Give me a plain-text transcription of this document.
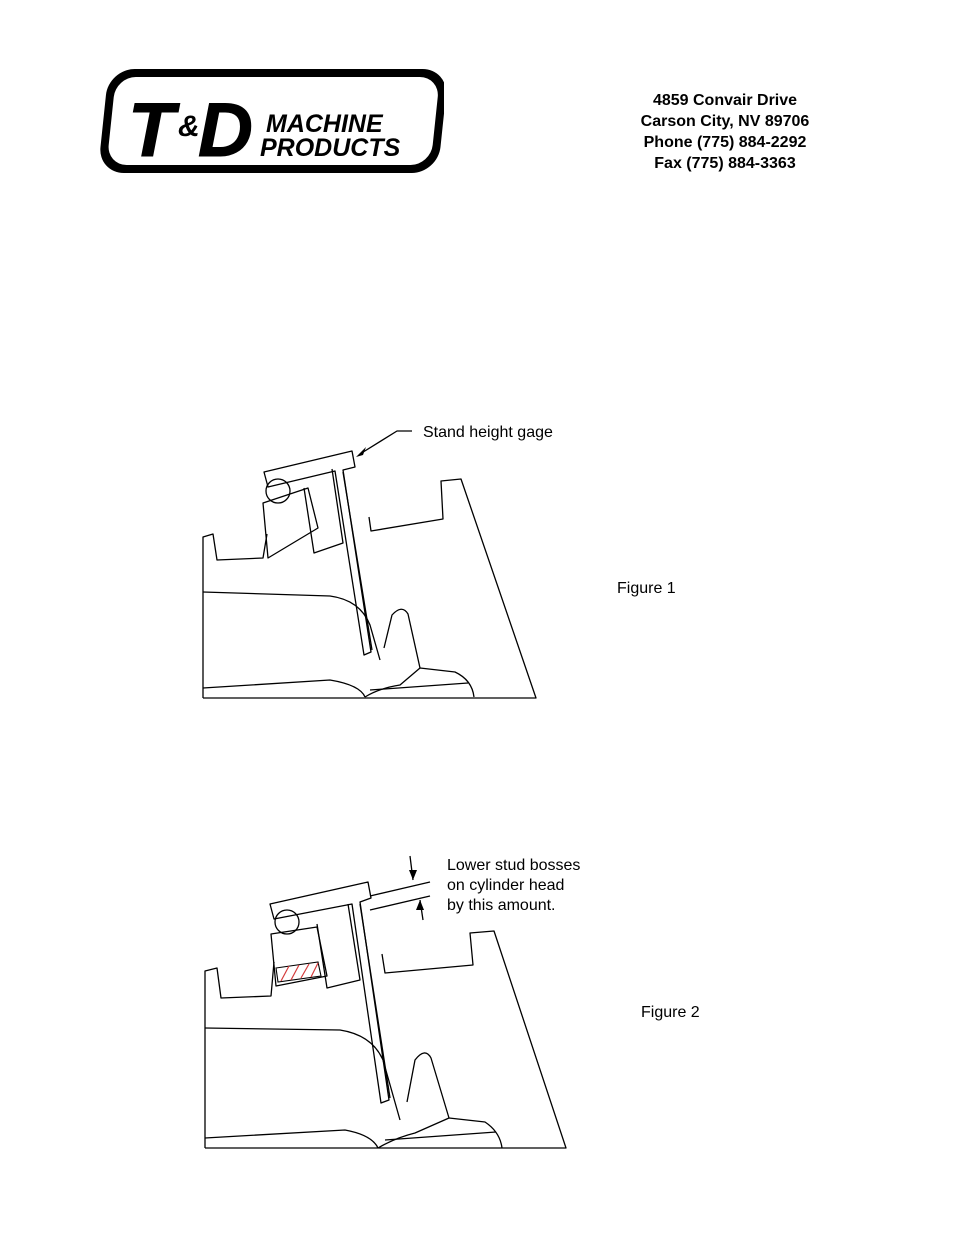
T &
D MACHINE
PRODUCTS
4859 Convair Drive
Carson City, NV 89706
Phone (775) 884-2292
Fax (775) 884-3363
Stand height gage
Figure 1
Lower stud bosses
on cylinder head
by this amount.
Figure 2
